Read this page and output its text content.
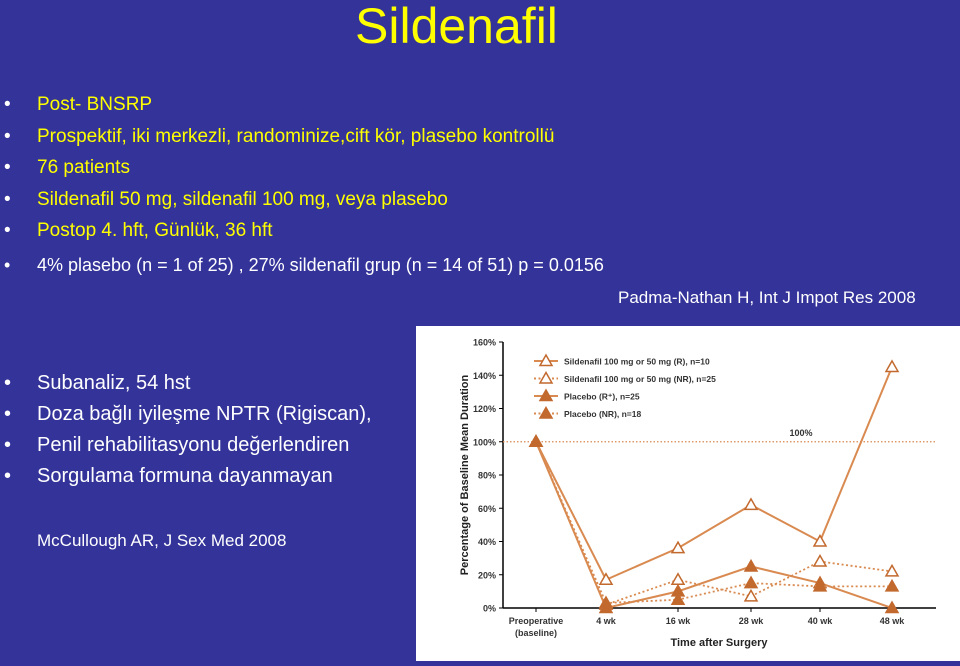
Sildenafil
• Post- BNSRP
• Prospektif, iki merkezli, randominize,cift kör, plasebo kontrollü
• 76 patients
• Sildenafil 50 mg, sildenafil 100 mg, veya plasebo
• Postop 4. hft, Günlük, 36 hft
• 4% plasebo (n = 1 of 25) , 27% sildenafil grup (n = 14 of 51) p = 0.0156
Padma-Nathan H, Int J Impot Res 2008
• Subanaliz, 54 hst
• Doza bağlı iyileşme NPTR (Rigiscan),
• Penil rehabilitasyonu değerlendiren
• Sorgulama formuna dayanmayan
McCullough AR, J Sex Med 2008
0%
20%
40%
60%
80%
100%
120%
140%
160%
Preoperative
(baseline)
4 wk	16 wk	28 wk	40 wk	48 wk
Time after Surgery
Percentage of Baseline Mean Duration	100%
Sildenafil 100 mg or 50 mg (R), n=10
Sildenafil 100 mg or 50 mg (NR), n=25
Placebo (R⁺), n=25
Placebo (NR), n=18
